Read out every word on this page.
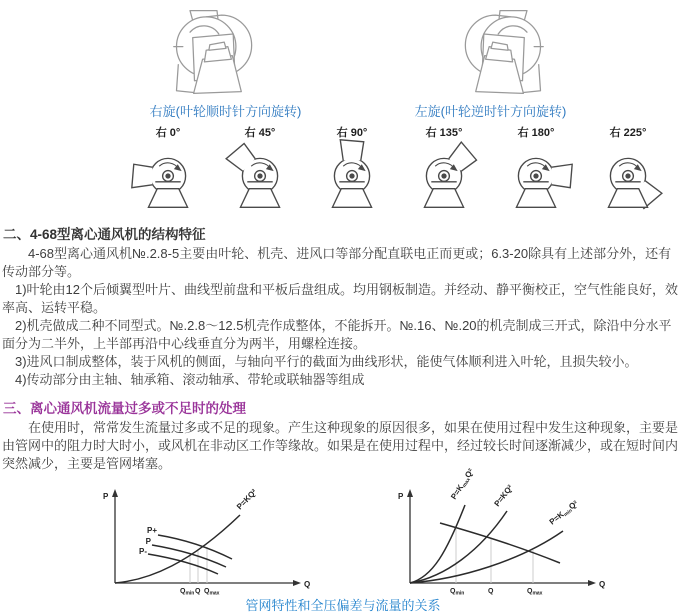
右旋(叶轮顺时针方向旋转)	左旋(叶轮逆时针方向旋转)
右 0°	右 45°	右 90°	右 135°	右 180°	右 225°
二、4-68型离心通风机的结构特征

4-68型离心通风机№.2.8-5主要由叶轮、机壳、进风口等部分配直联电正而更或；6.3-20除具有上述部分外，还有传动部分等。

1)叶轮由12个后倾翼型叶片、曲线型前盘和平板后盘组成。均用钢板制造。并经动、静平衡校正，空气性能良好，效率高、运转平稳。

2)机壳做成二种不同型式。№.2.8～12.5机壳作成整体，不能拆开。№.16、№.20的机壳制成三开式，除沿中分水平面分为二半外，上半部再沿中心线垂直分为两半，用螺栓连接。

3)进风口制成整体，装于风机的侧面，与轴向平行的截面为曲线形状，能使气体顺利进入叶轮，且损失较小。

4)传动部分由主轴、轴承箱、滚动轴承、带轮或联轴器等组成

三、离心通风机流量过多或不足时的处理

在使用时，常常发生流量过多或不足的现象。产生这种现象的原因很多，如果在使用过程中发生这种现象，主要是由管网中的阻力时大时小，或风机在非动区工作等缘故。如果是在使用过程中，经过较长时间逐渐减少，或在短时间内突然减少，主要是管网堵塞。

P
Q
P=KQ²
P+
P
P-
$Q_{min}$ Q $Q_{max}$
P
Q
P=KmaxQ²
P=KQ²
P=KminQ²
$Q_{min}$	Q	$Q_{max}$
管网特性和全压偏差与流量的关系
